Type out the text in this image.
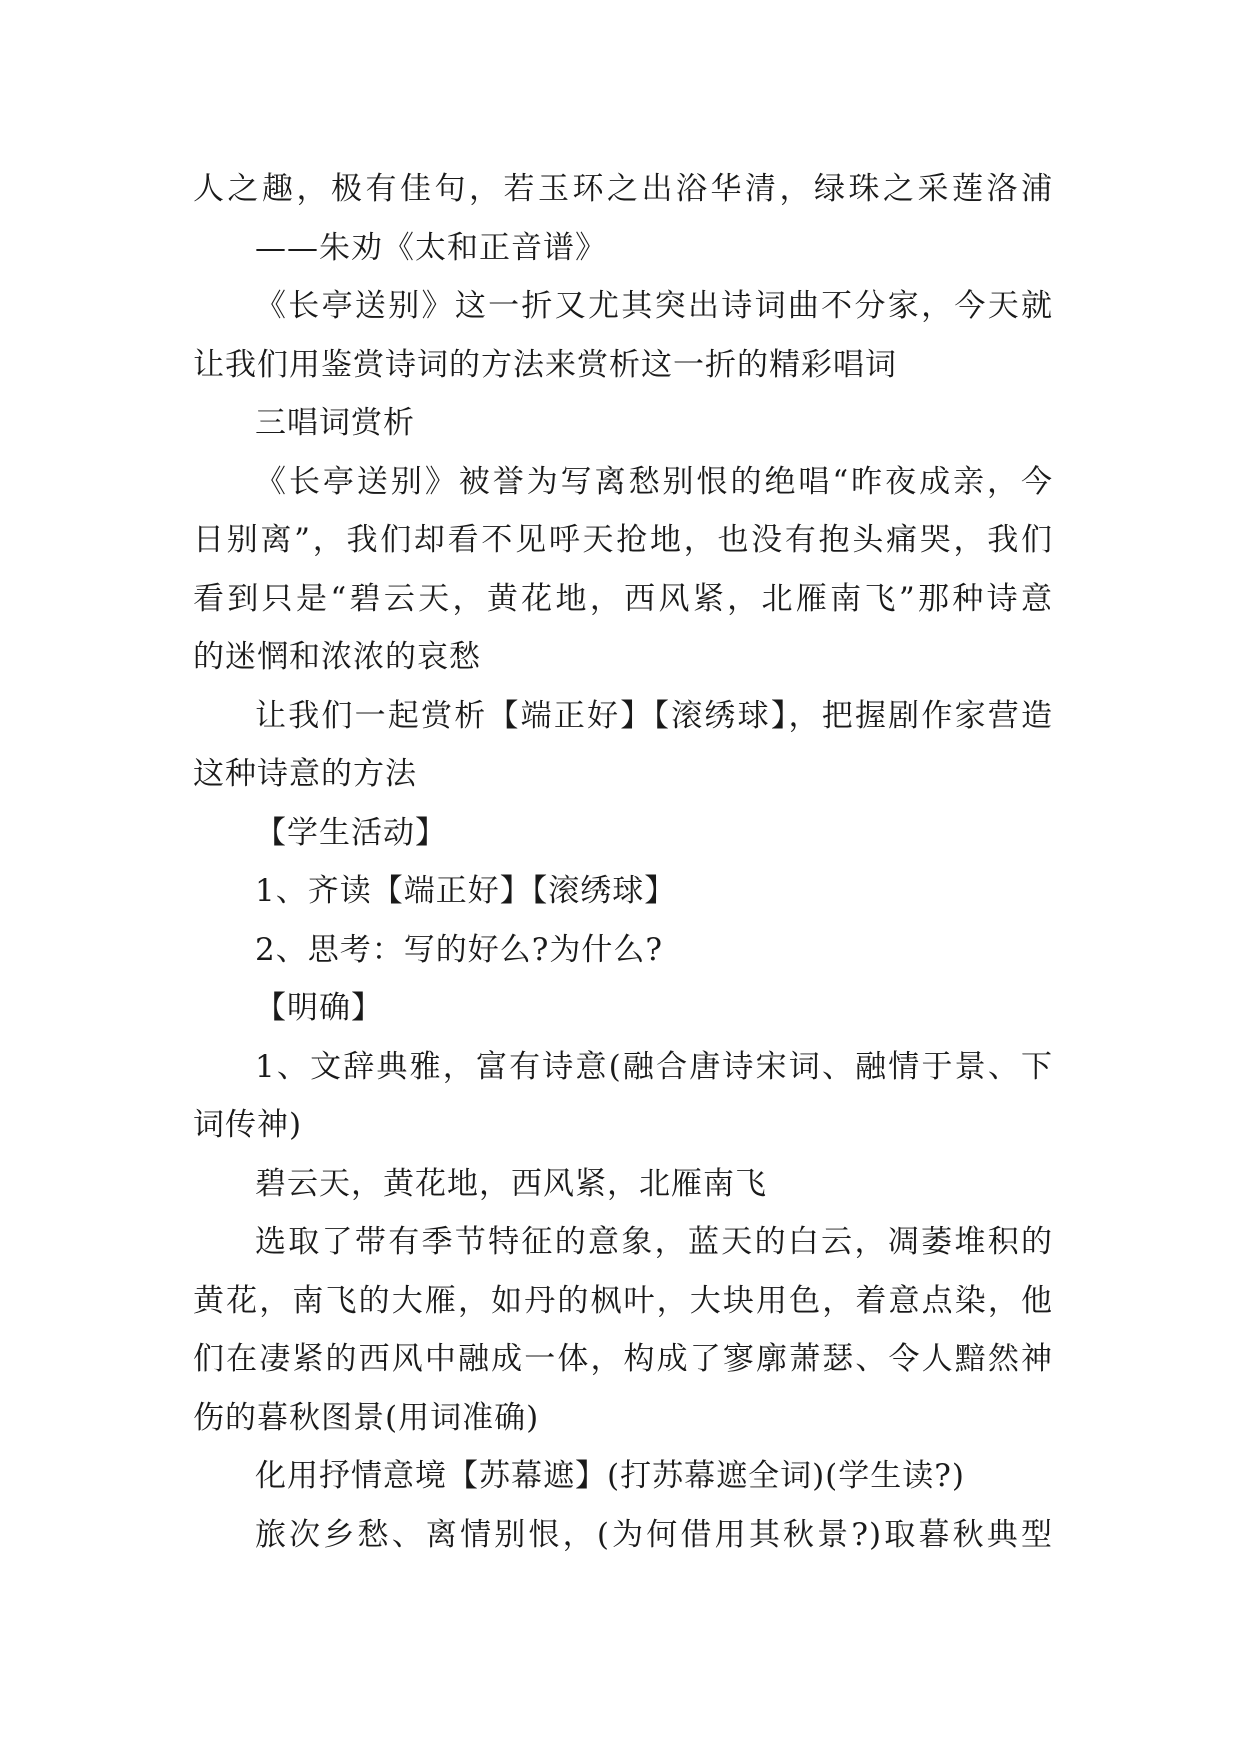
人之趣，极有佳句，若玉环之出浴华清，绿珠之采莲洛浦
——朱劝《太和正音谱》
《长亭送别》这一折又尤其突出诗词曲不分家，今天就
让我们用鉴赏诗词的方法来赏析这一折的精彩唱词
三唱词赏析
《长亭送别》被誉为写离愁别恨的绝唱“昨夜成亲，今
日别离”，我们却看不见呼天抢地，也没有抱头痛哭，我们
看到只是“碧云天，黄花地，西风紧，北雁南飞”那种诗意
的迷惘和浓浓的哀愁
让我们一起赏析【端正好】【滚绣球】，把握剧作家营造
这种诗意的方法
【学生活动】
1、齐读【端正好】【滚绣球】
2、思考：写的好么?为什么?
【明确】
1、文辞典雅，富有诗意(融合唐诗宋词、融情于景、下
词传神)
碧云天，黄花地，西风紧，北雁南飞
选取了带有季节特征的意象，蓝天的白云，凋萎堆积的
黄花，南飞的大雁，如丹的枫叶，大块用色，着意点染，他
们在凄紧的西风中融成一体，构成了寥廓萧瑟、令人黯然神
伤的暮秋图景(用词准确)
化用抒情意境【苏幕遮】(打苏幕遮全词)(学生读?)
旅次乡愁、离情别恨，(为何借用其秋景?)取暮秋典型
